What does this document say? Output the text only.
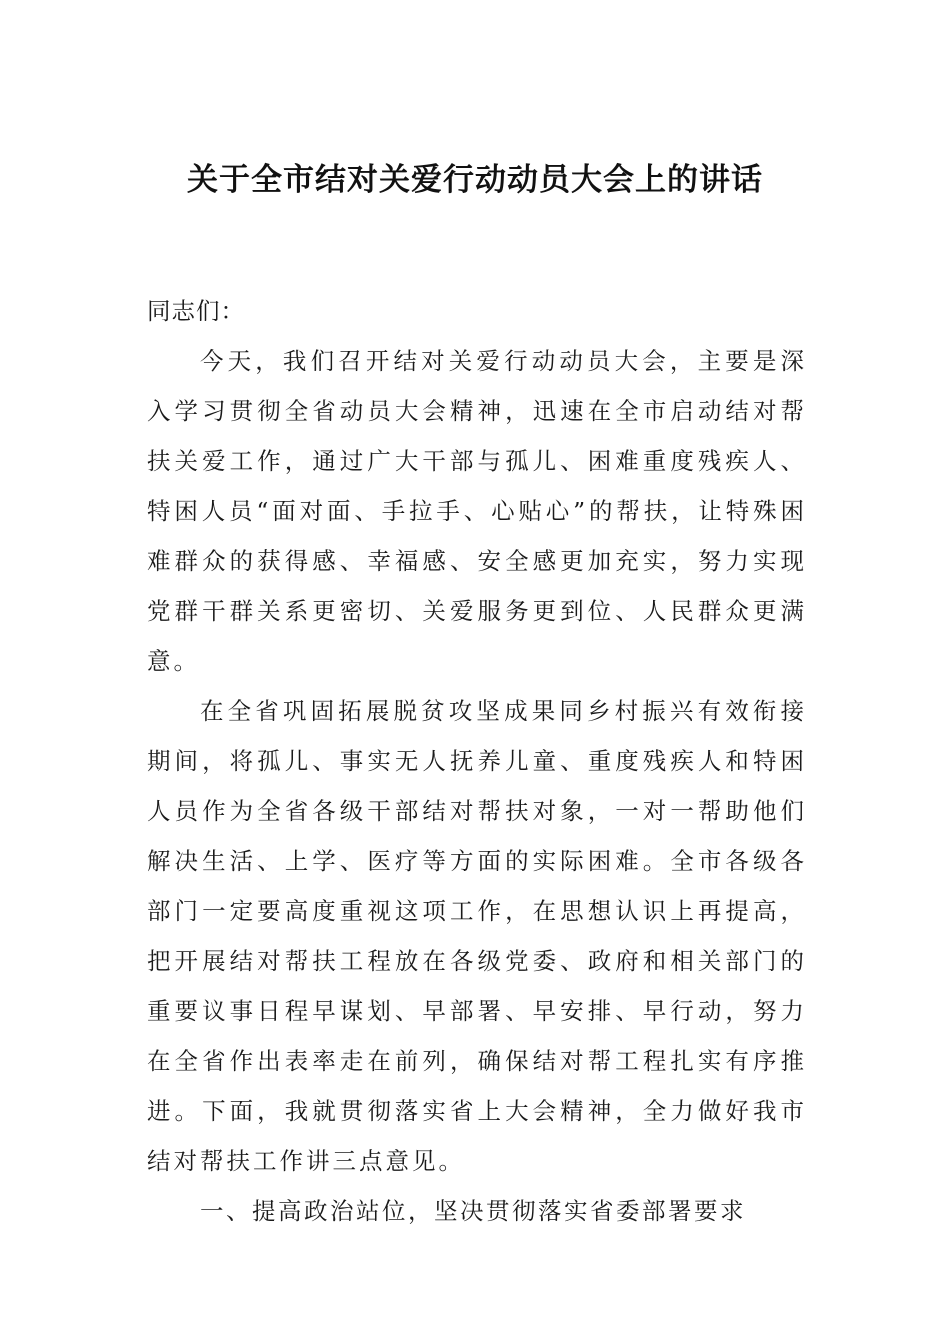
关于全市结对关爱行动动员大会上的讲话

同志们：

今天，我们召开结对关爱行动动员大会，主要是深入学习贯彻全省动员大会精神，迅速在全市启动结对帮扶关爱工作，通过广大干部与孤儿、困难重度残疾人、特困人员“面对面、手拉手、心贴心”的帮扶，让特殊困难群众的获得感、幸福感、安全感更加充实，努力实现党群干群关系更密切、关爱服务更到位、人民群众更满意。

在全省巩固拓展脱贫攻坚成果同乡村振兴有效衔接期间，将孤儿、事实无人抚养儿童、重度残疾人和特困人员作为全省各级干部结对帮扶对象，一对一帮助他们解决生活、上学、医疗等方面的实际困难。全市各级各部门一定要高度重视这项工作，在思想认识上再提高，把开展结对帮扶工程放在各级党委、政府和相关部门的重要议事日程早谋划、早部署、早安排、早行动，努力在全省作出表率走在前列，确保结对帮工程扎实有序推进。下面，我就贯彻落实省上大会精神，全力做好我市结对帮扶工作讲三点意见。

一、提高政治站位，坚决贯彻落实省委部署要求
